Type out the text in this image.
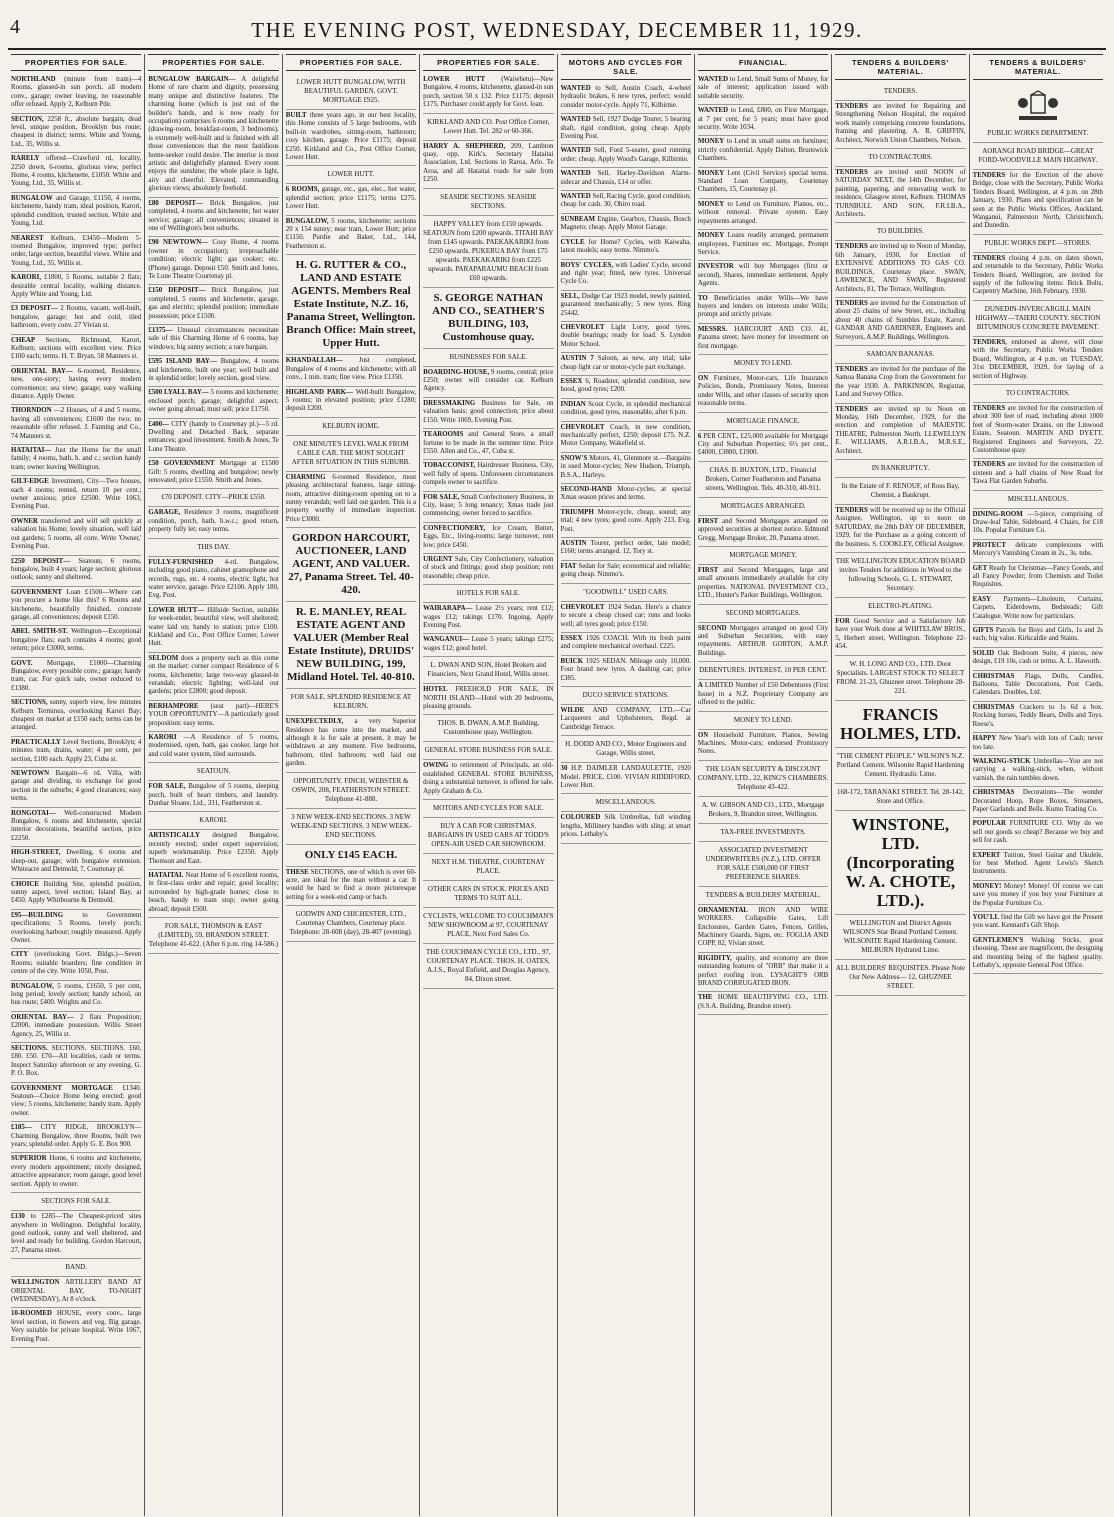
4	THE EVENING POST, WEDNESDAY, DECEMBER 11, 1929.
PROPERTIES FOR SALE.

NORTHLAND (minute from tram)—4 Rooms, glassed-in sun porch, all modern conv., garage; owner leaving, no reasonable offer refused. Apply 2, Kelburn Pde.

SECTION, 2258 ft., absolute bargain, dead level, unique position, Brooklyn bus route; cheapest in district; terms. White and Young, Ltd., 35, Willis st.

RARELY offered—Crawford rd, locality, 2250 down, 6-rooms, glorious view, perfect Home, 4 rooms, kitchenette, £1050. White and Young, Ltd., 35, Willis st.

BUNGALOW and Garage, £1150, 4 rooms, kitchenette, handy tram, ideal position, Karori, splendid condition, trusted section. White and Young, Ltd.

NEAREST Kelburn, £3450—Modern 5-roomed Bungalow, improved type; perfect order, large section, beautiful views. White and Young, Ltd., 35, Willis st.

KARORI, £1800, 5 Rooms, suitable 2 flats; desirable central locality, walking distance. Apply White and Young, Ltd.

£3 DEPOSIT— 2 Rooms, vacant, well-built, bungalow, garage; hot and cold, tiled bathroom, every conv. 27 Vivian st.

CHEAP Sections, Richmond, Karori, Kelburn; sections with excellent view. Price £100 each; terms. H. T. Bryan, 58 Manners st.

ORIENTAL BAY— 6-roomed, Residence, new, one-story; having every modern convenience; sea view; garage; easy walking distance. Apply Owner.

THORNDON —2 Houses, of 4 and 5 rooms, having all conveniences; £1600 the two; no reasonable offer refused. J. Fanning and Co., 74 Manners st.

HATAITAI— Just the Home for the small family; 4 rooms, bath, h. and c.; section handy tram; owner leaving Wellington.

GILT-EDGE Investment, City—Two houses, each 4 rooms; rented, return 10 per cent.; owner anxious; price £2500. Write 1063, Evening Post.

OWNER transferred and will sell quickly at valuation his Home; lovely situation, well laid out gardens; 5 rooms, all conv. Write 'Owner,' Evening Post.

£250 DEPOSIT— Seatoun; 6 rooms, bungalow, built 4 years; large section; glorious outlook; sunny and sheltered.

GOVERNMENT Loan £1500—Where can you procure a home like this? 6 Rooms and kitchenette, beautifully finished, concrete garage, all conveniences; deposit £150.

ABEL SMITH-ST. Wellington—Exceptional bungalow flats; each contains 4 rooms; good return; price £3000, terms.

GOVT. Mortgage, £1000—Charming Bungalow, every possible conv.; garage; handy tram, car. For quick sale, owner reduced to £1380.

SECTIONS, sunny, superb view, few minutes Kelburn Terminus, overlooking Karori Bay; cheapest on market at £150 each; terms can be arranged.

PRACTICALLY Level Sections, Brooklyn; 4 minutes tram, drains, water; 4 per cent, per section, £100 each. Apply 23, Cuba st.

NEWTOWN Bargain—6 rd. Villa, with garage and dividing, to exchange for good section in the suburbs; 4 good clearances; easy terms.

RONGOTAI— Well-constructed Modern Bungalow, 6 rooms and kitchenette, special interior decorations, beautiful section, price £2250.

HIGH-STREET, Dwelling, 6 rooms and sleep-out, garage; with bungalow extension. Whiteacre and Detmold, 7, Courtenay pl.

CHOICE Building Site, splendid position, sunny aspect, level section; Island Bay, at £450. Apply Whitbourne & Detmold.

£95—BUILDING	to Government specifications; 5 Rooms, lovely porch; overlooking harbour; roughly measured. Apply Owner.

CITY (overlooking Govt. Bldgs.)—Seven Rooms; suitable boarders; fine condition in centre of the city. Write 1050, Post.

BUNGALOW, 5 rooms, £1650, 5 per cent, long period; lovely section; handy school, on bus route; £400. Wrights and Co.

ORIENTAL BAY— 2 flats Proposition; £2000, immediate possession. Willis Street Agency, 25, Willis st.

SECTIONS. SECTIONS. SECTIONS. £60, £80. £50. £70—All localities, cash or terms. Inspect Saturday afternoon or any evening. G. P. O. Box.

GOVERNMENT MORTGAGE £1340. Seatoun—Choice Home being erected; good view; 5 rooms, kitchenette; handy tram. Apply owner.

£185— CITY RIDGE, BROOKLYN—Charming Bungalow, three Rooms, built two years; splendid order. Apply G. E. Box 900.

SUPERIOR Home, 6 rooms and kitchenette, every modern appointment; nicely designed, attractive appearance; room garage, good level section. Apply to owner.

SECTIONS FOR SALE.

£130 to £285—The Cheapest-priced sites anywhere in Wellington. Delightful locality, good outlook, sunny and well sheltered, and level and ready for building. Gordon Harcourt, 27, Panama street.

BAND.

WELLINGTON ARTILLERY BAND AT ORIENTAL BAY, TO-NIGHT (WEDNESDAY), At 8 o'clock.

10-ROOMED HOUSE, every conv., large level section, in flowers and veg. Big garage. Very suitable for private hospital. Write 1067, Evening Post.

PROPERTIES FOR SALE.

BUNGALOW BARGAIN— A delightful Home of rare charm and dignity, possessing many unique and distinctive features. The charming home (which is just out of the builder's hands, and is now ready for occupation) comprises 6 rooms and kitchenette (drawing-room, breakfast-room, 3 bedrooms), is extremely well-built and is finished with all those conveniences that the most fastidious home-seeker could desire. The interior is most artistic and delightfully planned. Every room enjoys the sunshine; the whole place is light, airy and cheerful. Elevated, commanding glorious views; absolutely freehold.

£80 DEPOSIT— Brick Bungalow, just completed, 4 rooms and kitchenette; hot water service; garage; all conveniences; situated in one of Wellington's best suburbs.

£90 NEWTOWN— Cosy Home, 4 rooms (owner in occupation); irreproachable condition; electric light; gas cooker; etc. (Phone) garage. Deposit £50. Smith and Jones, Te Lune Theatre Courtenay pl.

£150 DEPOSIT— Brick Bungalow, just completed, 5 rooms and kitchenette, garage, gas and electric; splendid position; immediate possession; price £1500.

£1375— Unusual circumstances necessitate sale of this Charming Home of 6 rooms, bay windows; big sunny section; a rare bargain.

£595 ISLAND BAY— Bungalow, 4 rooms and kitchenette, built one year; well built and in splendid order; lovely section, good view.

£500 LYALL BAY— 5 rooms and kitchenette; enclosed porch; garage; delightful aspect; owner going abroad; must sell; price £1750.

£400— CITY (handy to Courtenay pl.)—5 rd. Dwelling and Detached Back, separate entrances; good investment. Smith & Jones, Te Lune Theatre.

£50 GOVERNMENT Mortgage at £1500 Gift: 5 rooms, dwelling and bungalow; newly renovated; price £1550. Smith and Jones.

£70 DEPOSIT. CITY—PRICE £550.

GARAGE, Residence 3 rooms, magnificent condition, porch, bath, h.w.c.; good return, property fully let; easy terms.

THIS DAY.

FULLY-FURNISHED 4-rd. Bungalow, including good piano, cabinet gramophone and records, rugs, etc. 4 rooms, electric light, hot water service, garage. Price £2100. Apply 180, Evg. Post.

LOWER HUTT— Hillside Section, suitable for week-ender, beautiful view, well sheltered; water laid on; handy to station; price £100. Kirkland and Co., Post Office Corner, Lower Hutt.

SELDOM does a property such as this come on the market: corner compact Residence of 6 rooms, kitchenette; large two-way glassed-in verandah; electric lighting; well-laid out gardens; price £2800; good deposit.

BERHAMPORE (seat part)—HERE'S YOUR OPPORTUNITY—A particularly good proposition: easy terms.

KARORI —A Residence of 5 rooms, modernised, open, bath, gas cooker, large hot and cold water system, tiled surrounds.

SEATOUN.

FOR SALE, Bungalow of 5 rooms, sleeping porch, built of heart timbers, and laundry. Dunbar Sloane, Ltd., 331, Featherston st.

KARORI.

ARTISTICALLY designed Bungalow, recently erected; under expert supervision; superb workmanship. Price £2350. Apply Thomson and East.

HATAITAI. Neat Home of 6 excellent rooms, in first-class order and repair; good locality; surrounded by high-grade homes; close to beach, handy to tram stop; owner going abroad; deposit £500.

FOR SALE, THOMSON & EAST (LIMITED), 59, BRANDON STREET. Telephone 41-622. (After 6 p.m. ring 14-586.)
PROPERTIES FOR SALE.
LOWER HUTT BUNGALOW, WITH BEAUTIFUL GARDEN. GOVT. MORTGAGE £925.

BUILT three years ago, in our best locality, this Home consists of 5 large bedrooms, with built-in wardrobes, sitting-room, bathroom; cosy kitchen, garage. Price £1175; deposit £250. Kirkland and Co., Post Office Corner, Lower Hutt.

LOWER HUTT.

6 ROOMS, garage, etc., gas, elec., hot water, splendid section; price £1175; terms £275. Lower Hutt.

BUNGALOW, 5 rooms, kitchenette; sections 20 x 154 sunny; near tram, Lower Hutt; price £1150. Purdie and Baker, Ltd., 144, Featherston st.

H. G. RUTTER & CO., LAND AND ESTATE AGENTS. Members Real Estate Institute, N.Z. 16, Panama Street, Wellington. Branch Office: Main street, Upper Hutt.

KHANDALLAH— Just completed, Bungalow of 4 rooms and kitchenette; with all conv., 1 min. tram; fine view. Price £1350.

HIGHLAND PARK— Well-built Bungalow, 5 rooms; in elevated position; price £1280; deposit £200.

KELBURN HOME.
ONE MINUTE'S LEVEL WALK FROM CABLE CAR. THE MOST SOUGHT AFTER SITUATION IN THIS SUBURB.

CHARMING 6-roomed Residence, most pleasing architectural features, large sitting-room, attractive dining-room opening on to a sunny verandah; well laid out garden. This is a property worthy of immediate inspection. Price £3000.

GORDON HARCOURT, AUCTIONEER, LAND AGENT, AND VALUER. 27, Panama Street. Tel. 40-420.
R. E. MANLEY, REAL ESTATE AGENT AND VALUER (Member Real Estate Institute), DRUIDS' NEW BUILDING, 199, Midland Hotel. Tel. 40-810.
FOR SALE. SPLENDID RESIDENCE AT KELBURN.

UNEXPECTEDLY, a very Superior Residence has come into the market, and although it is for sale at present, it may be withdrawn at any moment. Five bedrooms, bathroom, tiled bathroom; well laid out garden.

OPPORTUNITY. FINCH, WEBSTER & OSWIN, 208, FEATHERSTON STREET. Telephone 41-888.
3 NEW WEEK-END SECTIONS. 3 NEW WEEK-END SECTIONS. 3 NEW WEEK-END SECTIONS.
ONLY £145 EACH.

THESE SECTIONS, one of which is over 60-acre, are ideal for the man without a car. It would be hard to find a more picturesque setting for a week-end camp or bach.

GODWIN AND CHICHESTER, LTD., Courtenay Chambers, Courtenay place. Telephone: 28-608 (day), 28-407 (evening).
PROPERTIES FOR SALE.

LOWER HUTT (Waiwhetu)—New Bungalow, 4 rooms, kitchenette, glassed-in sun porch, section 50 x 132. Price £1175; deposit £175. Purchaser could apply for Govt. loan.

KIRKLAND AND CO. Post Office Corner, Lower Hutt. Tel. 282 or 60-366.

HARRY A. SHEPHERD, 209, Lambton quay, opp. Kirk's, Secretary Hataitai Association, Ltd. Sections in Raroa, Arlo. Te Aroa, and all Hataitai roads for sale from £250.

SEASIDE SECTIONS. SEASIDE SECTIONS.
HAPPY VALLEY from £150 upwards. SEATOUN from £200 upwards. TITAHI BAY from £145 upwards. PAEKAKARIKI from £250 upwards. PUKERUA BAY from £75 upwards. PAEKAKARIKI from £225 upwards. PARAPARAUMU BEACH from £60 upwards.
S. GEORGE NATHAN AND CO., SEATHER'S BUILDING, 103, Customhouse quay.
BUSINESSES FOR SALE.

BOARDING-HOUSE, 9 rooms, central; price £250; owner will consider car. Kelburn Agency.

DRESSMAKING Business for Sale, on valuation basis; good connection; price about £150. Write 1069, Evening Post.

TEAROOMS and General Store, a small fortune to be made in the summer time. Price £550. Allen and Co., 47, Cuba st.

TOBACCONIST, Hairdresser Business, City, well fully of opens. Unforeseen circumstances compels owner to sacrifice.

FOR SALE, Small Confectionery Business, in City, lease; 5 long tenancy; Xmas trade just commencing; owner forced to sacrifice.

CONFECTIONERY, Ice Cream, Butter, Eggs, Etc., living-rooms; large turnover, rent low; price £450.

URGENT Sale, City Confectionery, valuation of stock and fittings; good shop position; rent reasonable; cheap price.

HOTELS FOR SALE.

WAIRARAPA— Lease 2½ years; rent £12; wages £12; takings £170. Ingoing, Apply Evening Post.

WANGANUI— Lease 5 years; takings £275; wages £12; good hotel.

L. DWAN AND SON, Hotel Brokers and Financiers, Next Grand Hotel, Willis street.

HOTEL FREEHOLD FOR SALE, IN NORTH ISLAND—Hotel with 20 bedrooms, pleasing grounds.

THOS. B. DWAN, A.M.P. Building, Customhouse quay, Wellington.
GENERAL STORE BUSINESS FOR SALE.

OWING to retirement of Principals, an old-established GENERAL STORE BUSINESS, doing a substantial turnover, is offered for sale. Apply Graham & Co.

MOTORS AND CYCLES FOR SALE.
BUY A CAR FOR CHRISTMAS. BARGAINS IN USED CARS AT TODD'S OPEN-AIR USED CAR SHOWROOM.
NEXT H.M. THEATRE, COURTENAY PLACE.
OTHER CARS IN STOCK. PRICES AND TERMS TO SUIT ALL.
CYCLISTS, WELCOME TO COUCHMAN'S NEW SHOWROOM at 97, COURTENAY PLACE, Next Ford Sales Co.
THE COUCHMAN CYCLE CO., LTD., 97, COURTENAY PLACE. THOS. H. OATES, A.J.S., Royal Enfield, and Douglas Agency, 84, Dixon street.
MOTORS AND CYCLES FOR SALE.

WANTED to Sell, Austin Coach, 4-wheel hydraulic brakes, 6 new tyres, perfect; would consider motor-cycle. Apply 71, Kilbirnie.

WANTED Sell, 1927 Dodge Tourer, 5 bearing shaft, rigid condition, going cheap. Apply Evening Post.

WANTED Sell, Ford 5-seater, good running order; cheap. Apply Wood's Garage, Kilbirnie.

WANTED Sell, Harley-Davidson Alarm-sidecar and Chassis, £14 or offer.

WANTED Sell, Racing Cycle, good condition; cheap for cash. 30, Ohiro road.

SUNBEAM Engine, Gearbox, Chassis, Bosch Magneto; cheap. Apply Motor Garage.

CYCLE for Home? Cycles, with Kaiwaha, latest models; easy terms. Nimmo's.

BOYS' CYCLES, with Ladies' Cycle, second and right year; fitted, new tyres. Universal Cycle Co.

SELL, Dodge Car 1923 model, newly painted, guaranteed mechanically; 5 new tyres. Ring 25442.

CHEVROLET Light Lorry, good tyres, double bearings; ready for load. S. Lyndon Motor School.

AUSTIN 7 Saloon, as new, any trial; take cheap light car or motor-cycle part exchange.

ESSEX 6, Roadster, splendid condition, new hood, good tyres; £200.

INDIAN Scout Cycle, in splendid mechanical condition, good tyres, reasonable, after 6 p.m.

CHEVROLET Coach, in new condition, mechanically perfect, £250; deposit £75. N.Z. Motor Company, Wakefield st.

SNOW'S Motors, 41, Glenmore st.—Bargains in used Motor-cycles; New Hudson, Triumph, B.S.A., Harleys.

SECOND-HAND Motor-cycles, at special Xmas season prices and terms.

TRIUMPH Motor-cycle, cheap, sound; any trial; 4 new tyres; good conv. Apply 213, Evg. Post.

AUSTIN Tourer, perfect order, late model; £160; terms arranged. 12, Tory st.

FIAT Sedan for Sale; economical and reliable; going cheap. Nimmo's.

"GOODWILL" USED CARS.

CHEVROLET 1924 Sedan. Here's a chance to secure a cheap closed car; runs and looks well; all tyres good; price £150.

ESSEX 1926 COACH. With its fresh paint and complete mechanical overhaul. £225.

BUICK 1925 SEDAN. Mileage only 10,000. Four brand new tyres. A dashing car; price £385.

DUCO SERVICE STATIONS.

WILDE AND COMPANY, LTD.—Car Lacquerers and Upholsterers, Regd. at Cambridge Terrace.

H. DODD AND CO., Motor Engineers and Garage, Willis street.

30 H.P. DAIMLER LANDAULETTE, 1920 Model. PRICE, £100. VIVIAN RIDDIFORD, Lower Hutt.

MISCELLANEOUS.

COLOURED Silk Umbrellas, full winding lengths, Millinery handles with sling; at smart prices. Lethaby's.

FINANCIAL.

WANTED to Lend, Small Sums of Money, for sale of interest; application issued with suitable security.

WANTED to Lend, £800, on First Mortgage, at 7 per cent, for 5 years; must have good security. Write 1034.

MONEY to Lend in small sums on furniture; strictly confidential. Apply Dalton, Brunswick Chambers.

MONEY Lent (Civil Service) special terms. Standard Loan Company, Courtenay Chambers, 15, Courtenay pl.

MONEY to Lend on Furniture, Pianos, etc., without removal. Private system. Easy repayments arranged.

MONEY Loans readily arranged, permanent employees, Furniture etc. Mortgage, Prompt Service.

INVESTOR will buy Mortgages (first or second), Shares, immediate settlement. Apply Agents.

TO Beneficiaries under Wills—We have buyers and lenders on interests under Wills; prompt and strictly private.

MESSRS. HARCOURT AND CO. 41, Panama street; have money for investment on first mortgage.

MONEY TO LEND.

ON Furniture, Motor-cars, Life Insurance Policies, Bonds, Promissory Notes, Interest under Wills, and other classes of security upon reasonable terms.

MORTGAGE FINANCE.

6 PER CENT., £25,000 available for Mortgage City and Suburban Properties; 6½ per cent., £4000, £3800, £1900.

CHAS. B. BUXTON, LTD., Financial Brokers, Corner Featherston and Panama streets, Wellington. Tels. 40-310, 40-911.
MORTGAGES ARRANGED.

FIRST and Second Mortgages arranged on approved securities at shortest notice. Edmund Gregg, Mortgage Broker, 20, Panama street.

MORTGAGE MONEY.

FIRST and Second Mortgages, large and small amounts immediately available for city properties. NATIONAL INVESTMENT CO., LTD., Hunter's Parker Buildings, Wellington.

SECOND MORTGAGES.

SECOND Mortgages arranged on good City and Suburban Securities, with easy repayments. ARTHUR GORTON, A.M.P. Buildings.

DEBENTURES. INTEREST, 10 PER CENT.

A LIMITED Number of £50 Debentures (First Issue) in a N.Z. Proprietary Company are offered to the public.

MONEY TO LEND.

ON Household Furniture, Pianos, Sewing Machines, Motor-cars; endorsed Promissory Notes.

THE LOAN SECURITY & DISCOUNT COMPANY, LTD., 22, KING'S CHAMBERS. Telephone 43-422.
A. W. GIBSON AND CO., LTD., Mortgage Brokers, 9, Brandon street, Wellington.
TAX-FREE INVESTMENTS.
ASSOCIATED INVESTMENT UNDERWRITERS (N.Z.), LTD. OFFER FOR SALE £500,000 OF FIRST PREFERENCE SHARES.
TENDERS & BUILDERS' MATERIAL.

ORNAMENTAL IRON AND WIRE WORKERS. Collapsible Gates, Lift Enclosures, Garden Gates, Fences, Grilles, Machinery Guards, Signs, etc. FOGLIA AND COPP, 82, Vivian street.

RIGIDITY, quality, and economy are three outstanding features of "ORB" that make it a perfect roofing iron. LYSAGHT'S ORB BRAND CORRUGATED IRON.

THE HOME BEAUTIFYING CO., LTD. (S.S.A. Building, Brandon street).

TENDERS & BUILDERS' MATERIAL.
TENDERS.

TENDERS are invited for Repairing and Strengthening Nelson Hospital, the required work mainly comprising concrete foundations, framing and plastering. A. R. GRIFFIN, Architect, Norwich Union Chambers, Nelson.

TO CONTRACTORS.

TENDERS are invited until NOON of SATURDAY NEXT, the 14th December, for painting, papering, and renovating work to residence, Glasgow street, Kelburn. THOMAS TURNBULL AND SON, F.R.I.B.A., Architects.

TO BUILDERS.

TENDERS are invited up to Noon of Monday, 6th January, 1930, for Erection of EXTENSIVE ADDITIONS TO GAS CO. BUILDINGS, Courtenay place. SWAN, LAWRENCE, AND SWAN, Registered Architects, 81, The Terrace, Wellington.

TENDERS are invited for the Construction of about 25 chains of new Street, etc., including about 40 chains of Sumbles Estate, Karori. GANDAR AND GARDINER, Engineers and Surveyors, A.M.P. Buildings, Wellington.

SAMOAN BANANAS.

TENDERS are invited for the purchase of the Samoa Banana Crop from the Government for the year 1930. A. PARKINSON, Registrar, Land and Survey Office.

TENDERS are invited up to Noon on Monday, 16th December, 1929, for the erection and completion of MAJESTIC THEATRE, Palmerston North. LLEWELLYN E. WILLIAMS, A.R.I.B.A., M.R.S.E., Architect.

IN BANKRUPTCY.
In the Estate of F. RENOUF, of Ross Bay, Chemist, a Bankrupt.

TENDERS will be received up to the Official Assignee, Wellington, up to noon on SATURDAY, the 28th DAY OF DECEMBER, 1929, for the Purchase as a going concern of the business. S. COOKLEY, Official Assignee.

THE WELLINGTON EDUCATION BOARD invites Tenders for additions in Wood to the following Schools. G. L. STEWART, Secretary.
ELECTRO-PLATING.

FOR Good Service and a Satisfactory Job have your Work done at WHITELAW BROS., 5, Herbert street, Wellington. Telephone 22-454.

W. H. LONG AND CO., LTD. Door Specialists. LARGEST STOCK TO SELECT FROM. 21-23, Ghuznee street. Telephone 28-221.
FRANCIS HOLMES, LTD.
"THE CEMENT PEOPLE." WILSON'S N.Z. Portland Cement. Wilsonite Rapid Hardening Cement. Hydraulic Lime.
168-172, TARANAKI STREET. Tel. 28-142, Store and Office.
WINSTONE, LTD. (Incorporating W. A. CHOTE, LTD.).
WELLINGTON and District Agents WILSON'S Star Brand Portland Cement. WILSONITE Rapid Hardening Cement. MILBURN Hydrated Lime.
ALL BUILDERS' REQUISITES. Please Note Our New Address— 12, GHUZNEE STREET.
TENDERS & BUILDERS' MATERIAL.
PUBLIC WORKS DEPARTMENT.
AORANGI ROAD BRIDGE—GREAT FORD-WOODVILLE MAIN HIGHWAY.

TENDERS for the Erection of the above Bridge, close with the Secretary, Public Works Tenders Board, Wellington, at 4 p.m. on 28th January, 1930. Plans and specification can be seen at the Public Works Offices, Auckland, Wanganui, Palmerston North, Christchurch, and Dunedin.

PUBLIC WORKS DEPT.—STORES.

TENDERS closing 4 p.m. on dates shown, and returnable to the Secretary, Public Works Tenders Board, Wellington, are invited for supply of the following items: Brick Bolts, Carpentry Machine, 16th February, 1930.

DUNEDIN-INVERCARGILL MAIN HIGHWAY—TAIERI COUNTY. SECTION BITUMINOUS CONCRETE PAVEMENT.

TENDERS, endorsed as above, will close with the Secretary, Public Works Tenders Board, Wellington, at 4 p.m. on TUESDAY, 31st DECEMBER, 1929, for laying of a section of Highway.

TO CONTRACTORS.

TENDERS are invited for the construction of about 300 feet of road, including about 1000 feet of Storm-water Drains, on the Linwood Estate, Seatoun. MARTIN AND DYETT, Registered Engineers and Surveyors, 22, Customhouse quay.

TENDERS are invited for the construction of sixteen and a half chains of New Road for Tawa Flat Garden Suburbs.

MISCELLANEOUS.

DINING-ROOM —5-piece, comprising of Draw-leaf Table, Sideboard, 4 Chairs, for £18 10s. Popular Furniture Co.

PROTECT delicate complexions with Mercury's Vanishing Cream in 2s., 3s. tubs.

GET Ready for Christmas—Fancy Goods, and all Fancy Powder; from Chemists and Toilet Requisites.

EASY Payments—Linoleum, Curtains, Carpets, Eiderdowns, Bedsteads; Gift Catalogue. Write now for particulars.

GIFTS Parcels for Boys and Girls, 1s and 2s each; big value. Kirkcaldie and Stains.

SOLID Oak Bedroom Suite, 4 pieces, new design, £19 10s, cash or terms. A. L. Haworth.

CHRISTMAS Flags, Dolls, Candles, Balloons, Table Decorations, Post Cards, Calendars. Doubles, Ltd.

CHRISTMAS Crackers to 1s 6d a box. Rocking horses, Teddy Bears, Dolls and Toys. Reese's.

HAPPY New Year's with lots of Cash; never too late.

WALKING-STICK Umbrellas—You are not carrying a walking-stick, when, without varnish, the rain tumbles down.

CHRISTMAS Decorations—The wonder Decorated Hoop, Rope Boxes, Streamers, Paper Garlands and Bells. Kumo Trading Co.

POPULAR FURNITURE CO. Why do we sell our goods so cheap? Because we buy and sell for cash.

EXPERT Tuition, Steel Guitar and Ukulele, for best Method. Agent Lewis's Sketch Instruments.

MONEY! Money! Money! Of course we can save you money if you buy your Furniture at the Popular Furniture Co.

YOU'LL find the Gift we have got the Present you want. Kennard's Gift Shop.

GENTLEMEN'S Walking Sticks, great choosing. These are magnificent, the designing and mounting being of the highest quality. Lethaby's, opposite General Post Office.
